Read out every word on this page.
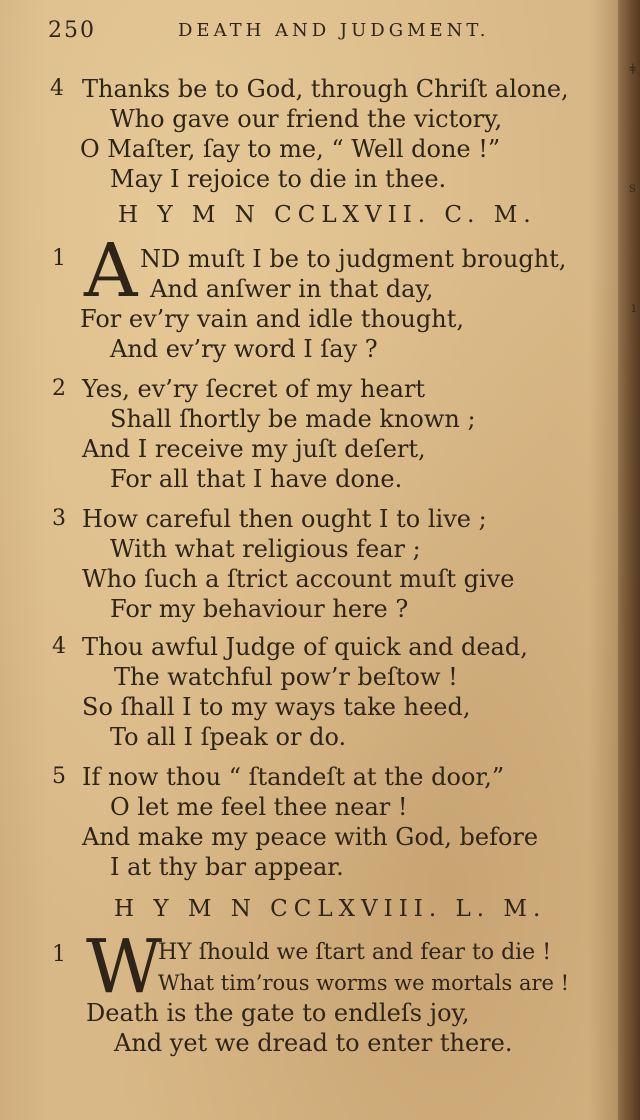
ǂ
s
ı
250	DEATH AND JUDGMENT.
4 Thanks be to God, through Chriſt alone,
Who gave our friend the victory,
O Maſter, ſay to me, “ Well done !”
May I rejoice to die in thee.
H Y M N CCLXVII. C. M.
1 A ND muſt I be to judgment brought,
And anſwer in that day,
For ev’ry vain and idle thought,
And ev’ry word I ſay ?
2 Yes, ev’ry ſecret of my heart
Shall ſhortly be made known ;
And I receive my juſt deſert,
For all that I have done.
3 How careful then ought I to live ;
With what religious fear ;
Who ſuch a ſtrict account muſt give
For my behaviour here ?
4 Thou awful Judge of quick and dead,
The watchful pow’r beſtow !
So ſhall I to my ways take heed,
To all I ſpeak or do.
5 If now thou “ ſtandeſt at the door,”
O let me feel thee near !
And make my peace with God, before
I at thy bar appear.
H Y M N CCLXVIII. L. M.
1 W
HY ſhould we ſtart and fear to die !
What tim’rous worms we mortals are !
Death is the gate to endleſs joy,
And yet we dread to enter there.
